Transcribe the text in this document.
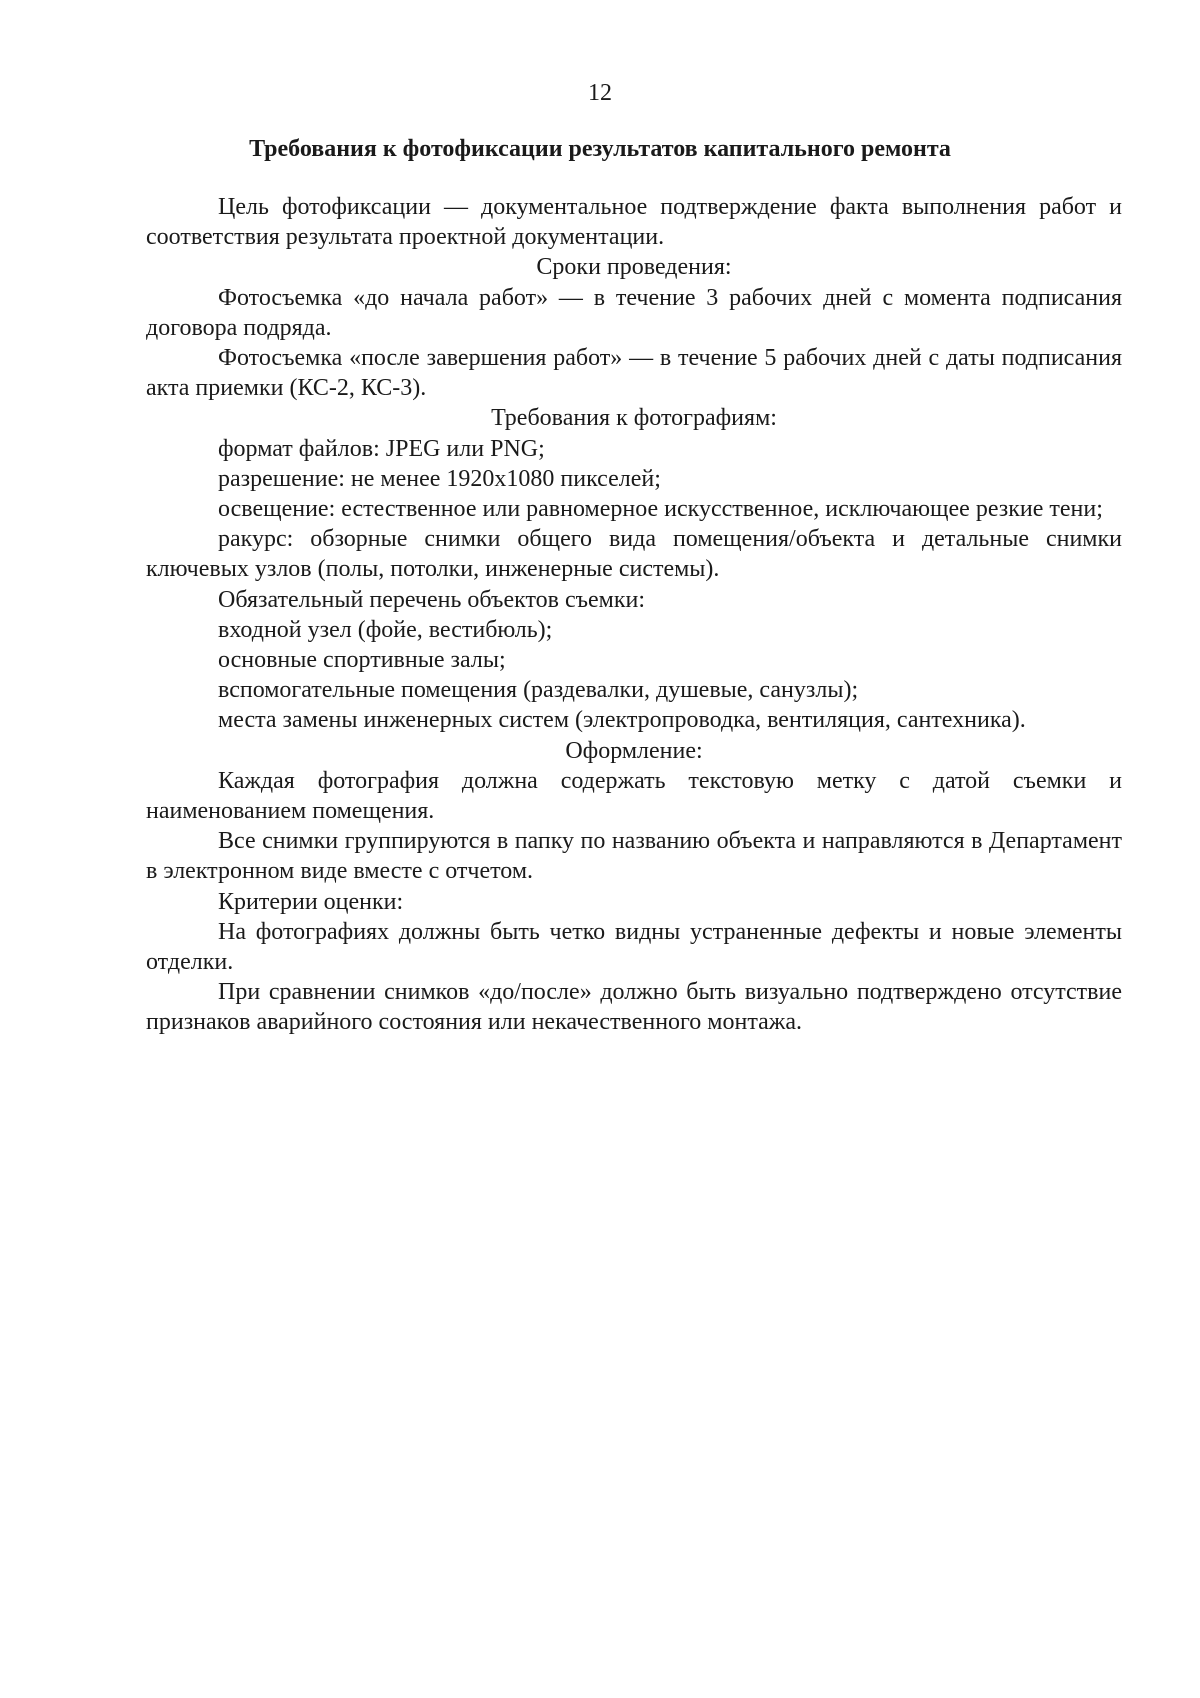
12
Требования к фотофиксации результатов капитального ремонта

Цель фотофиксации — документальное подтверждение факта выполнения работ и соответствия результата проектной документации.

Сроки проведения:

Фотосъемка «до начала работ» — в течение 3 рабочих дней с момента подписания договора подряда.

Фотосъемка «после завершения работ» — в течение 5 рабочих дней с даты подписания акта приемки (КС-2, КС-3).

Требования к фотографиям:

формат файлов: JPEG или PNG;

разрешение: не менее 1920x1080 пикселей;

освещение: естественное или равномерное искусственное, исключающее резкие тени;

ракурс: обзорные снимки общего вида помещения/объекта и детальные снимки ключевых узлов (полы, потолки, инженерные системы).

Обязательный перечень объектов съемки:

входной узел (фойе, вестибюль);

основные спортивные залы;

вспомогательные помещения (раздевалки, душевые, санузлы);

места замены инженерных систем (электропроводка, вентиляция, сантехника).

Оформление:

Каждая фотография должна содержать текстовую метку с датой съемки и наименованием помещения.

Все снимки группируются в папку по названию объекта и направляются в Департамент в электронном виде вместе с отчетом.

Критерии оценки:

На фотографиях должны быть четко видны устраненные дефекты и новые элементы отделки.

При сравнении снимков «до/после» должно быть визуально подтверждено отсутствие признаков аварийного состояния или некачественного монтажа.
